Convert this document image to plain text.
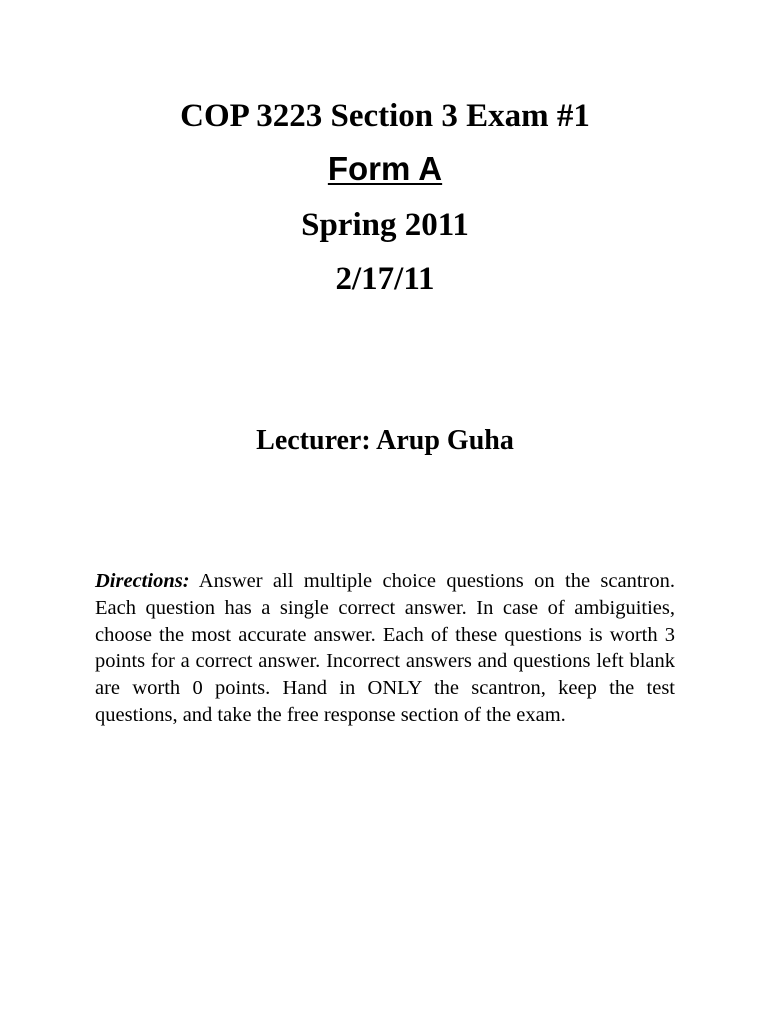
COP 3223 Section 3 Exam #1
Form A
Spring 2011
2/17/11
Lecturer: Arup Guha
Directions: Answer all multiple choice questions on the scantron. Each question has a single correct answer. In case of ambiguities, choose the most accurate answer. Each of these questions is worth 3 points for a correct answer. Incorrect answers and questions left blank are worth 0 points. Hand in ONLY the scantron, keep the test questions, and take the free response section of the exam.
